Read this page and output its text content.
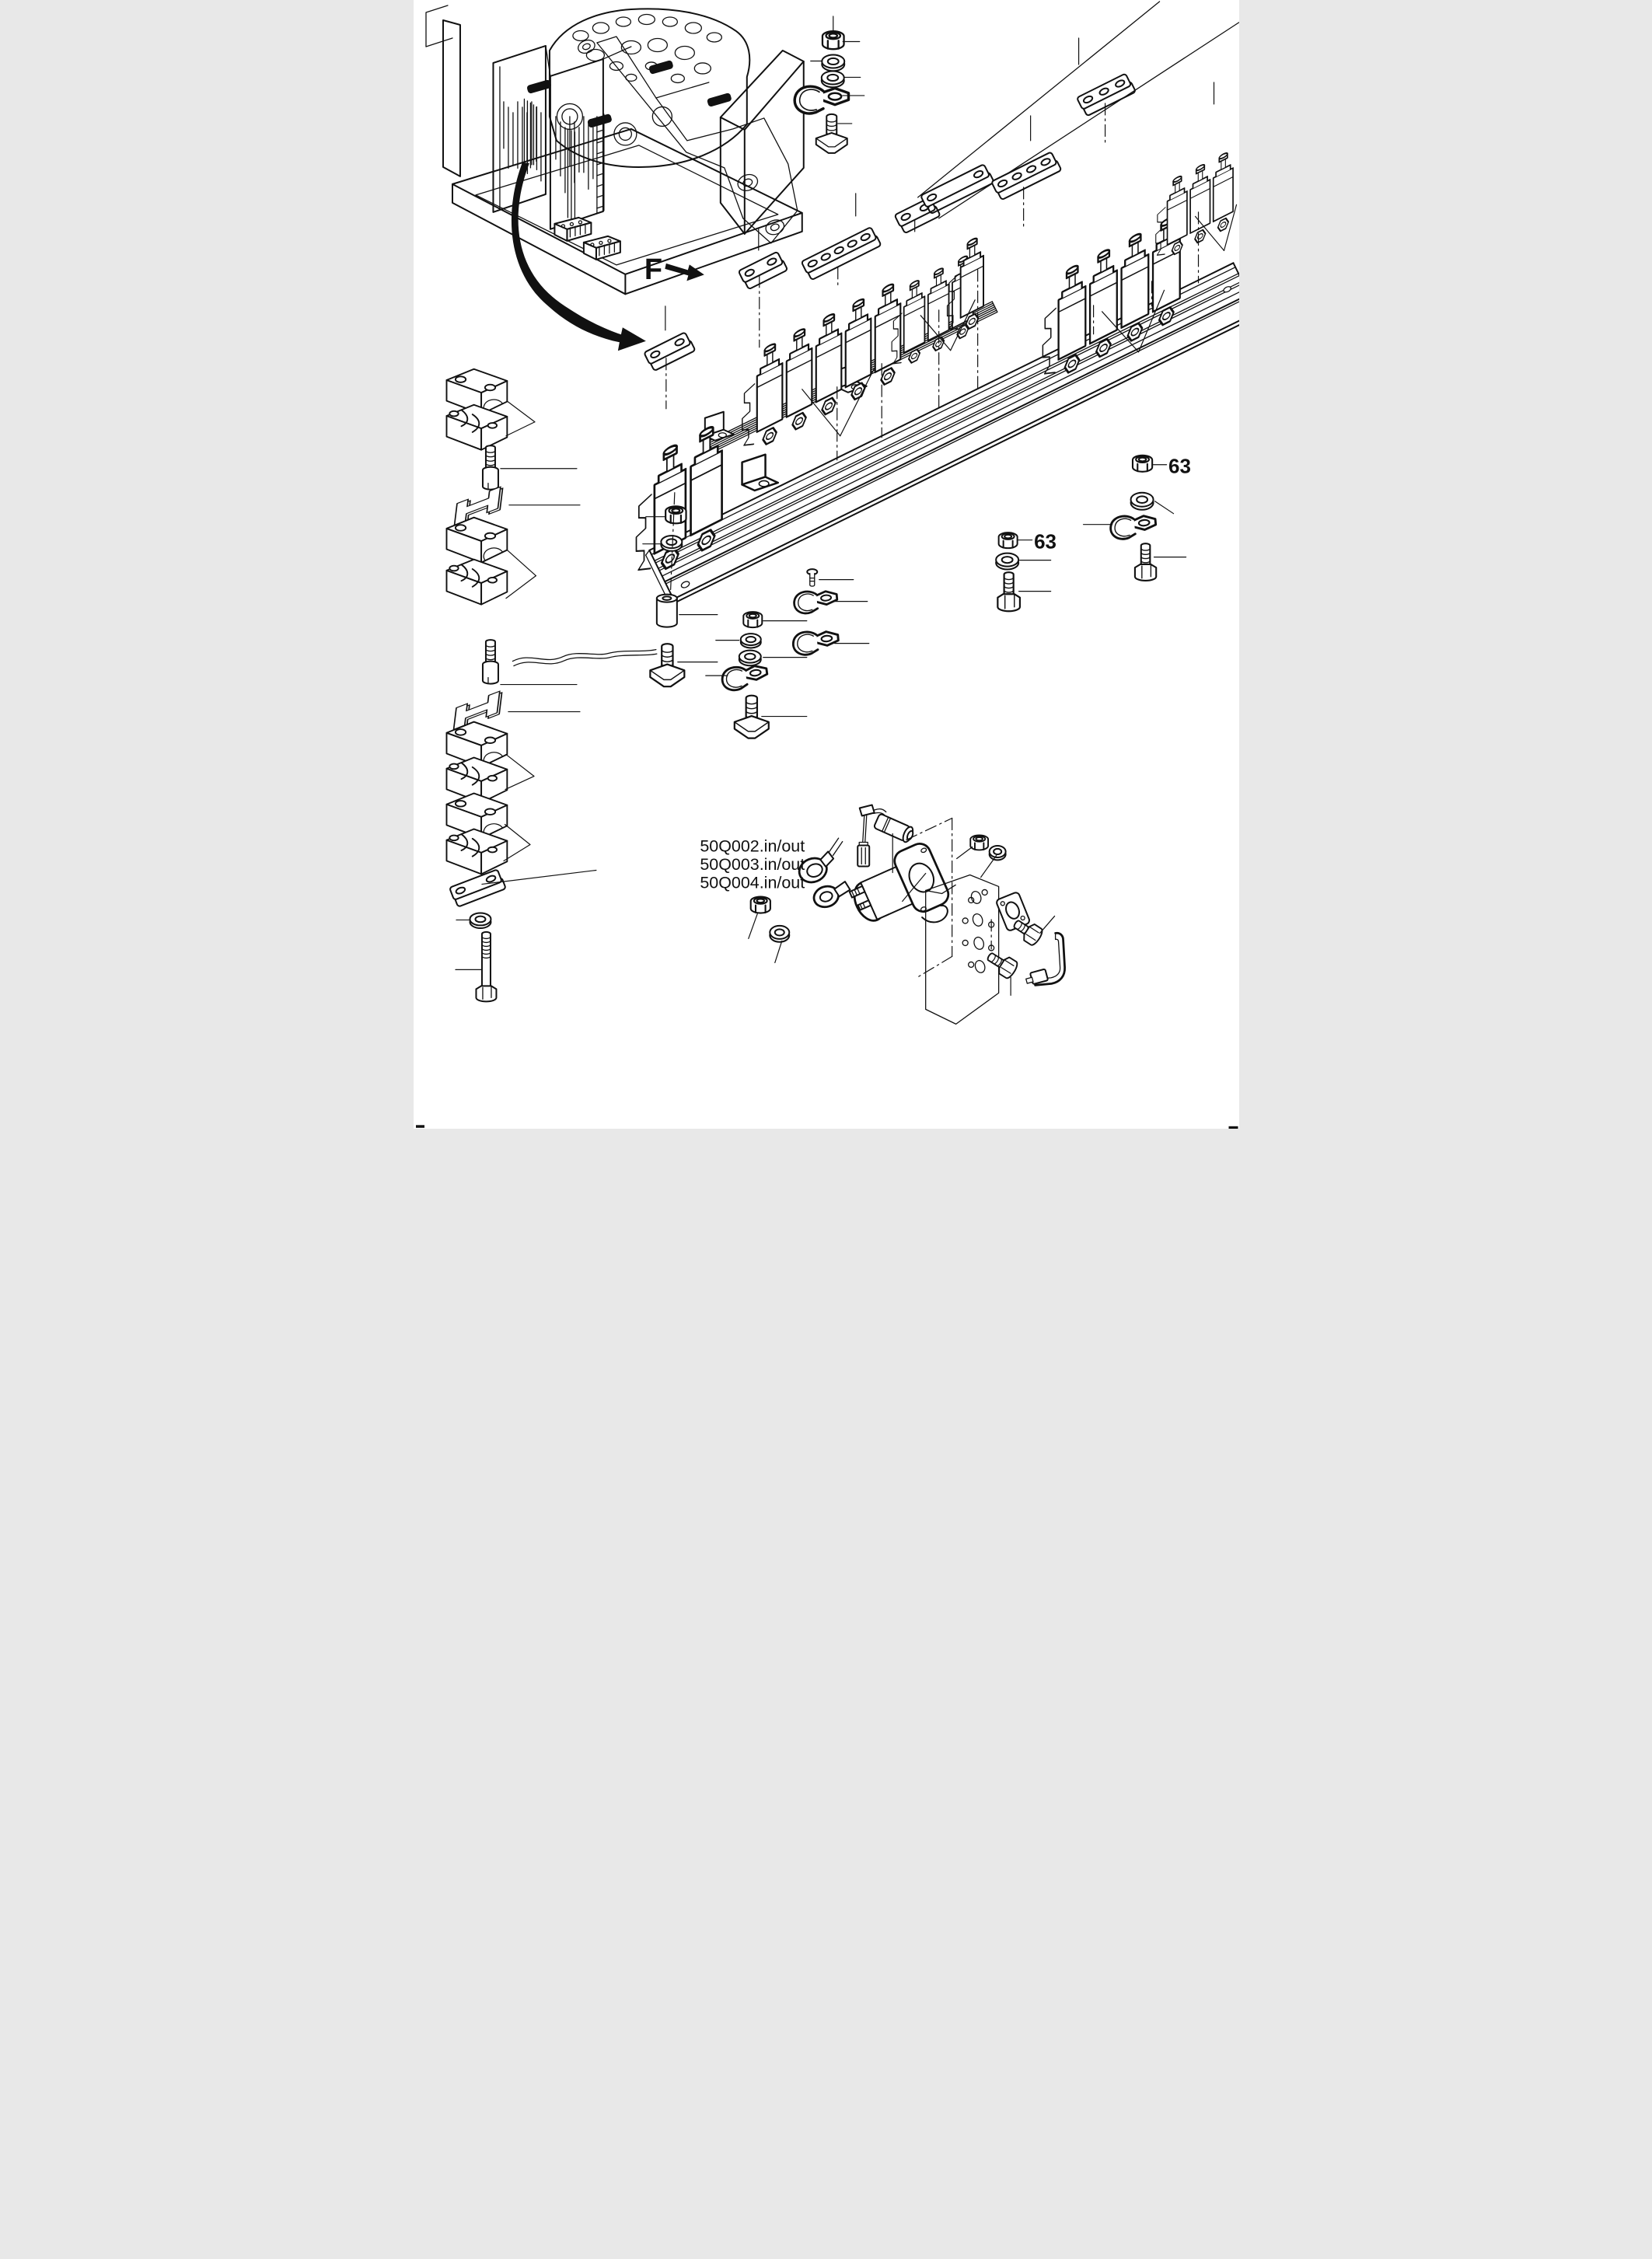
F
63
63
50Q002.in/out
50Q003.in/out
50Q004.in/out
